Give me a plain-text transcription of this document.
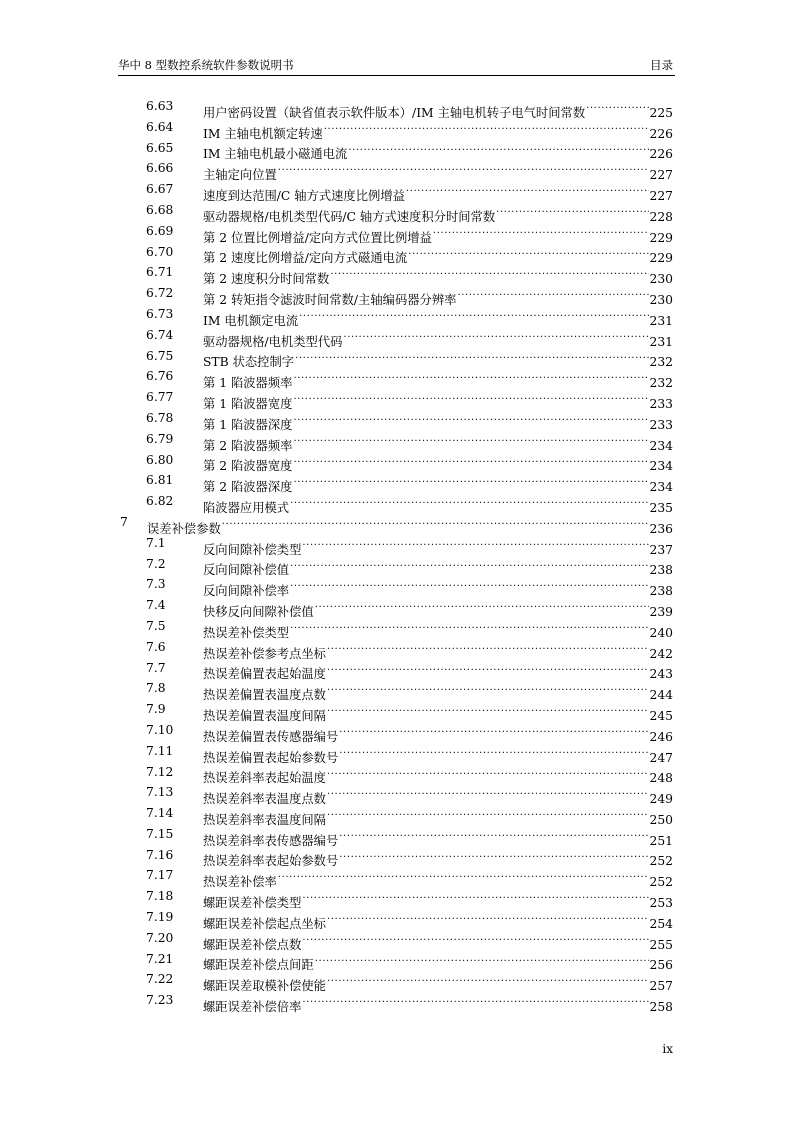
华中 8 型数控系统软件参数说明书	目录
6.63 用户密码设置（缺省值表示软件版本）/IM 主轴电机转子电气时间常数 .....	225
6.64 IM 主轴电机额定转速 .....	226
6.65 IM 主轴电机最小磁通电流 .....	226
6.66 主轴定向位置 .....	227
6.67 速度到达范围/C 轴方式速度比例增益 .....	227
6.68 驱动器规格/电机类型代码/C 轴方式速度积分时间常数 .....	228
6.69 第 2 位置比例增益/定向方式位置比例增益 .....	229
6.70 第 2 速度比例增益/定向方式磁通电流 .....	229
6.71 第 2 速度积分时间常数 .....	230
6.72 第 2 转矩指令滤波时间常数/主轴编码器分辨率 .....	230
6.73 IM 电机额定电流 .....	231
6.74 驱动器规格/电机类型代码 .....	231
6.75 STB 状态控制字 .....	232
6.76 第 1 陷波器频率 .....	232
6.77 第 1 陷波器宽度 .....	233
6.78 第 1 陷波器深度 .....	233
6.79 第 2 陷波器频率 .....	234
6.80 第 2 陷波器宽度 .....	234
6.81 第 2 陷波器深度 .....	234
6.82 陷波器应用模式 .....	235
7 误差补偿参数 .....	236
7.1	反向间隙补偿类型 .....	237
7.2	反向间隙补偿值 .....	238
7.3	反向间隙补偿率 .....	238
7.4	快移反向间隙补偿值 .....	239
7.5	热误差补偿类型 .....	240
7.6	热误差补偿参考点坐标 .....	242
7.7	热误差偏置表起始温度 .....	243
7.8	热误差偏置表温度点数 .....	244
7.9	热误差偏置表温度间隔 .....	245
7.10 热误差偏置表传感器编号 .....	246
7.11 热误差偏置表起始参数号 .....	247
7.12 热误差斜率表起始温度 .....	248
7.13 热误差斜率表温度点数 .....	249
7.14 热误差斜率表温度间隔 .....	250
7.15 热误差斜率表传感器编号 .....	251
7.16 热误差斜率表起始参数号 .....	252
7.17 热误差补偿率 .....	252
7.18 螺距误差补偿类型 .....	253
7.19 螺距误差补偿起点坐标 .....	254
7.20 螺距误差补偿点数 .....	255
7.21 螺距误差补偿点间距 .....	256
7.22 螺距误差取模补偿使能 .....	257
7.23 螺距误差补偿倍率 .....	258
ix
